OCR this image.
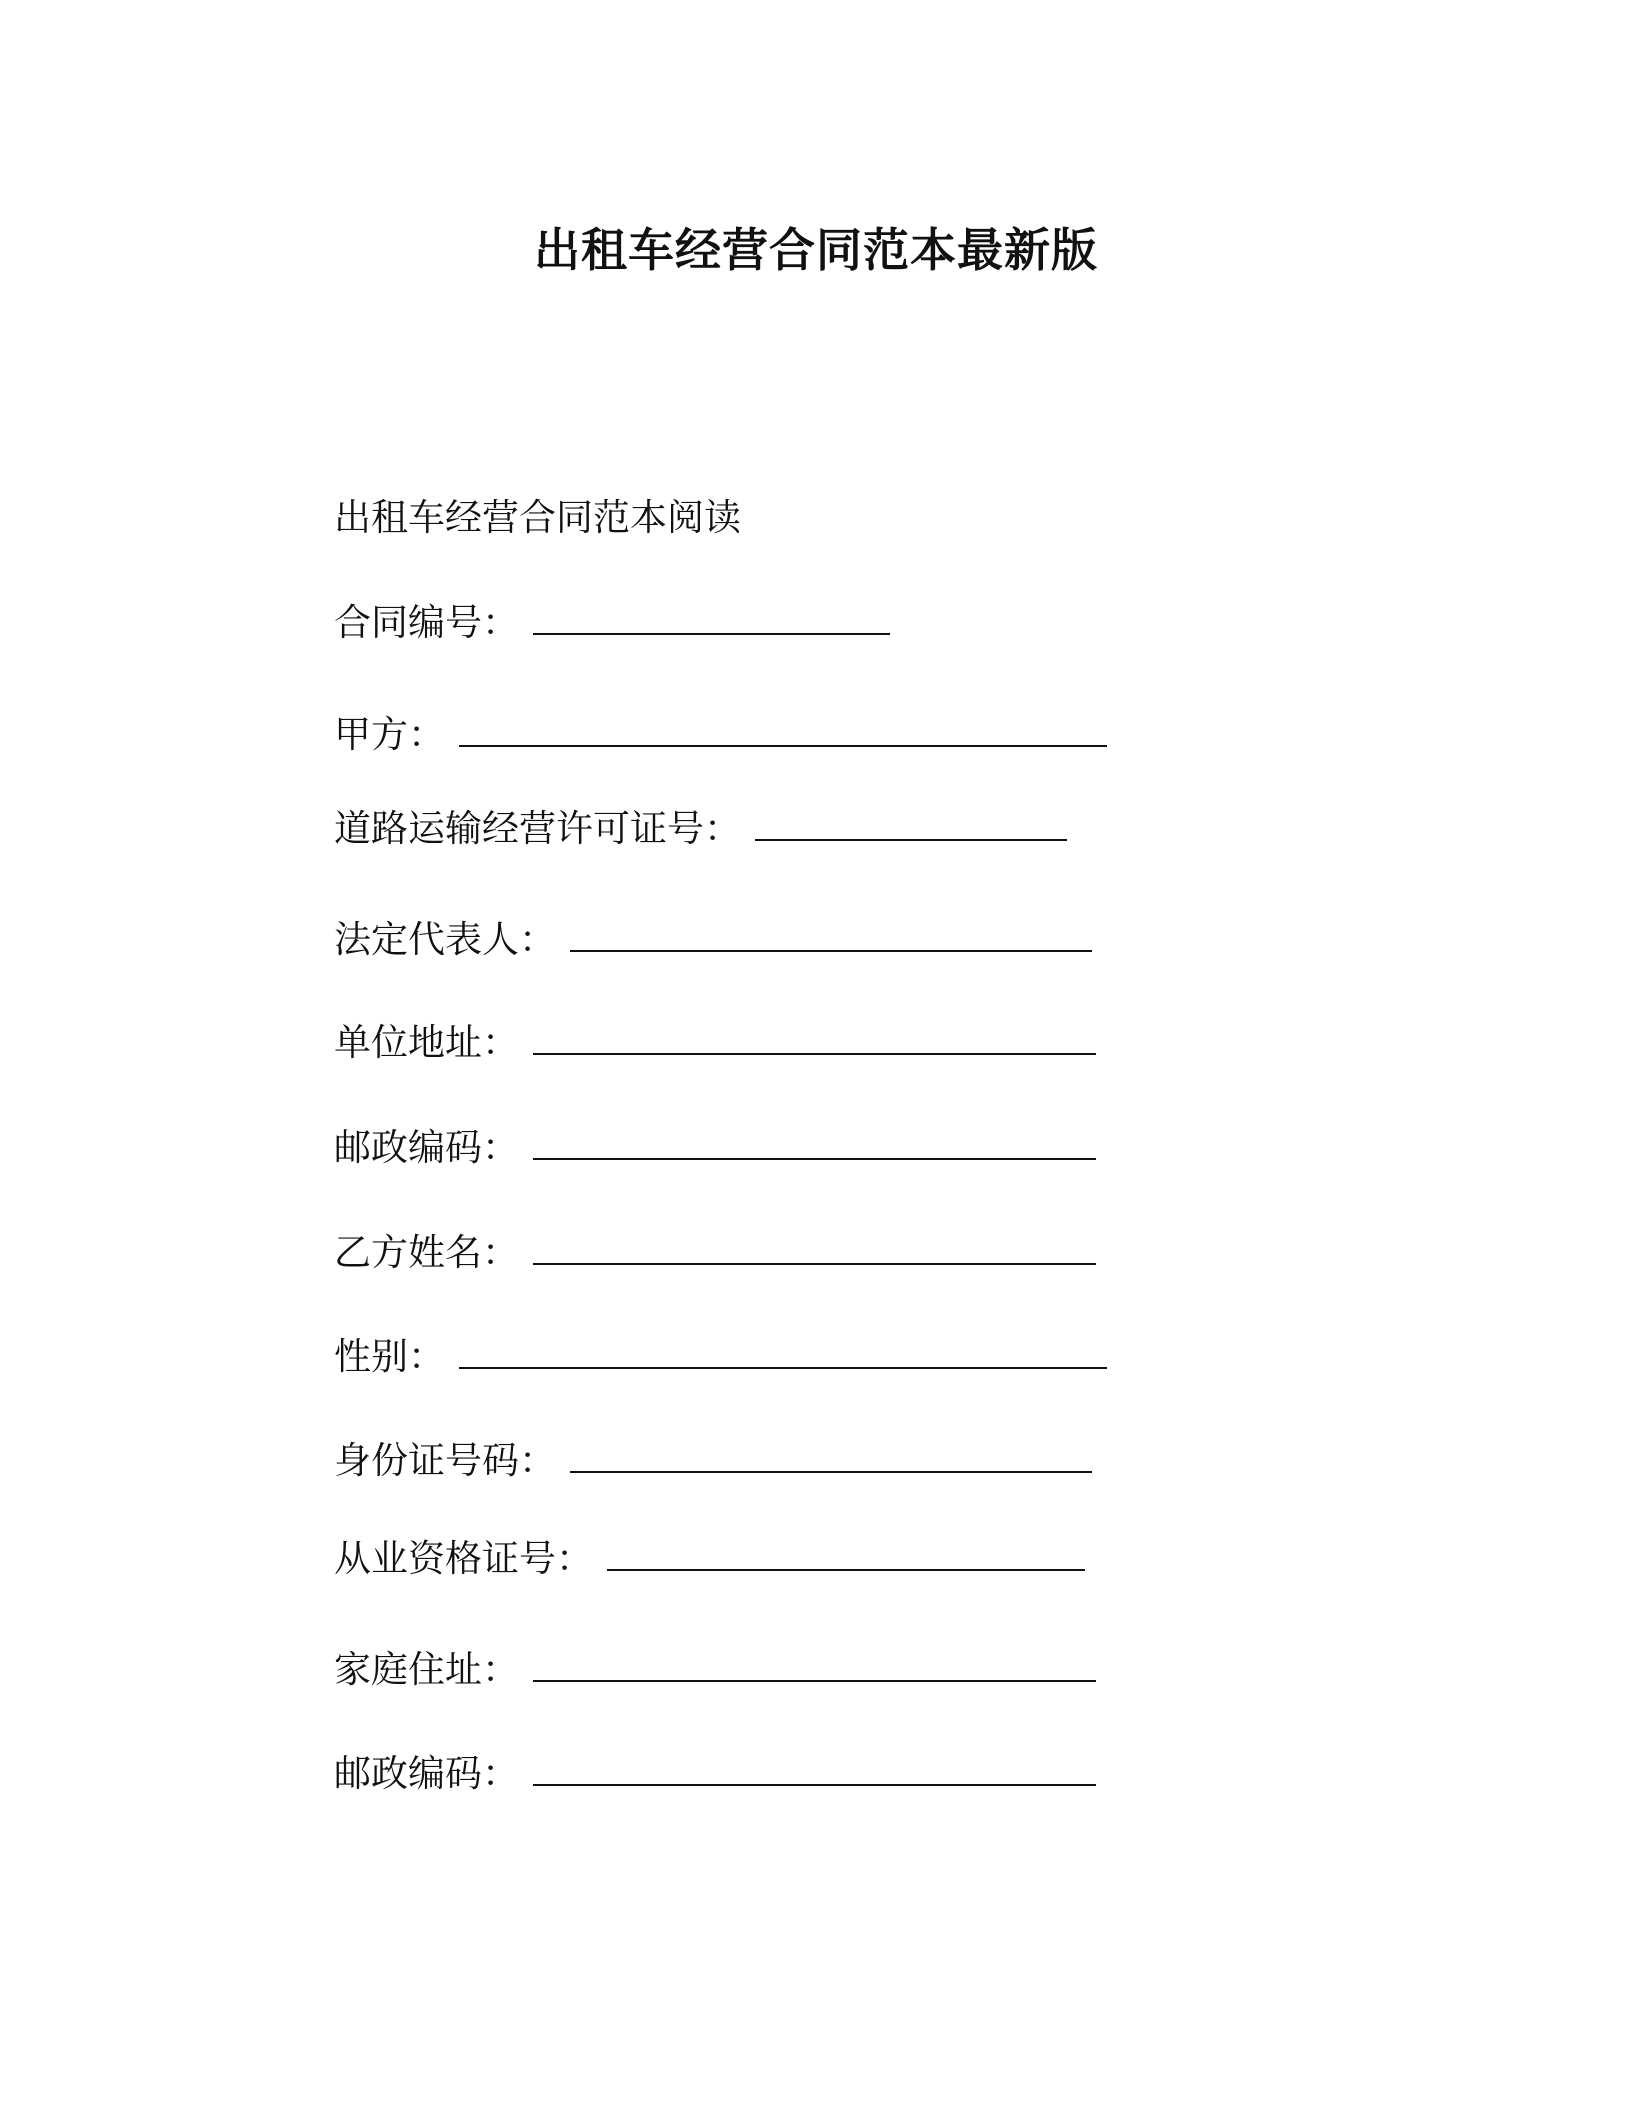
出租车经营合同范本最新版
出租车经营合同范本阅读
合同编号：
甲方：
道路运输经营许可证号：
法定代表人：
单位地址：
邮政编码：
乙方姓名：
性别：
身份证号码：
从业资格证号：
家庭住址：
邮政编码：
